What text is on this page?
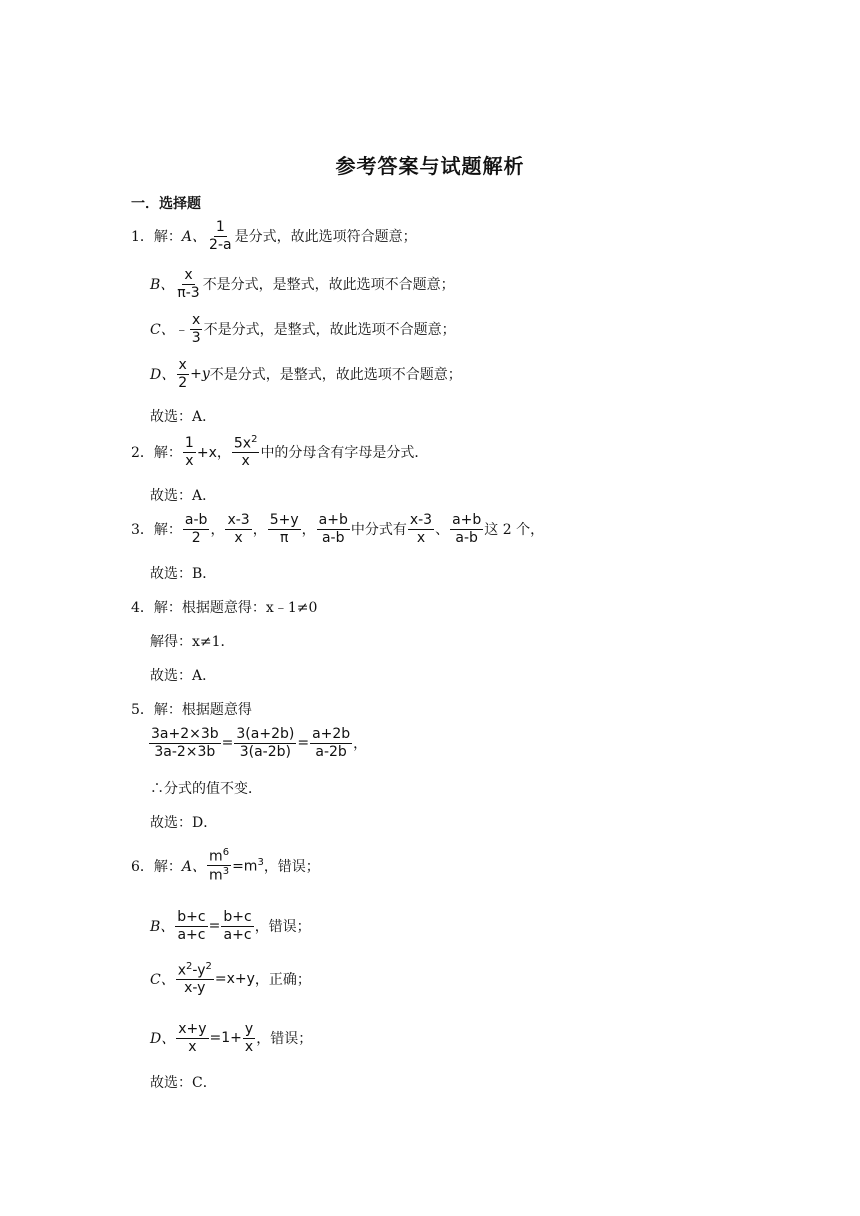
参考答案与试题解析
一．选择题
1． 解： A、 $\frac{1}{2-a}$ 是分式，故此选项符合题意；
B、 $\frac{x}{\pi-3}$ 不是分式，是整式，故此选项不合题意；
C、 ﹣ $\frac{x}{3}$ 不是分式，是整式，故此选项不合题意；
D、 $\frac{x}{2} +y$ 不是分式，是整式，故此选项不合题意；
故选：A．
2． 解： $\frac{1}{x} +x$， $\frac{5x^2}{x}$ 中的分母含有字母是分式．
故选：A．
3． 解： $\frac{a-b}{2}$ ， $\frac{x-3}{x}$ ， $\frac{5+y}{\pi}$ ， $\frac{a+b}{a-b}$ 中分式有 $\frac{x-3}{x}$ 、 $\frac{a+b}{a-b}$ 这 2 个，
故选：B．
4． 解：根据题意得：x﹣1≠0
解得：x≠1．
故选：A．
5． 解：根据题意得
$\frac{3a+2\times 3b}{3a-2\times 3b} = \frac{3(a+2b)}{3(a-2b)} = \frac{a+2b}{a-2b}$ ，
∴分式的值不变．
故选：D．
6． 解： A、 $\frac{m^6}{m^3} =m^3$ ，错误；
B、 $\frac{b+c}{a+c} = \frac{b+c}{a+c}$ ，错误；
C、 $\frac{x^2-y^2}{x-y} =x+y$ ，正确；
D、 $\frac{x+y}{x} =1+ \frac{y}{x}$ ，错误；
故选：C．
